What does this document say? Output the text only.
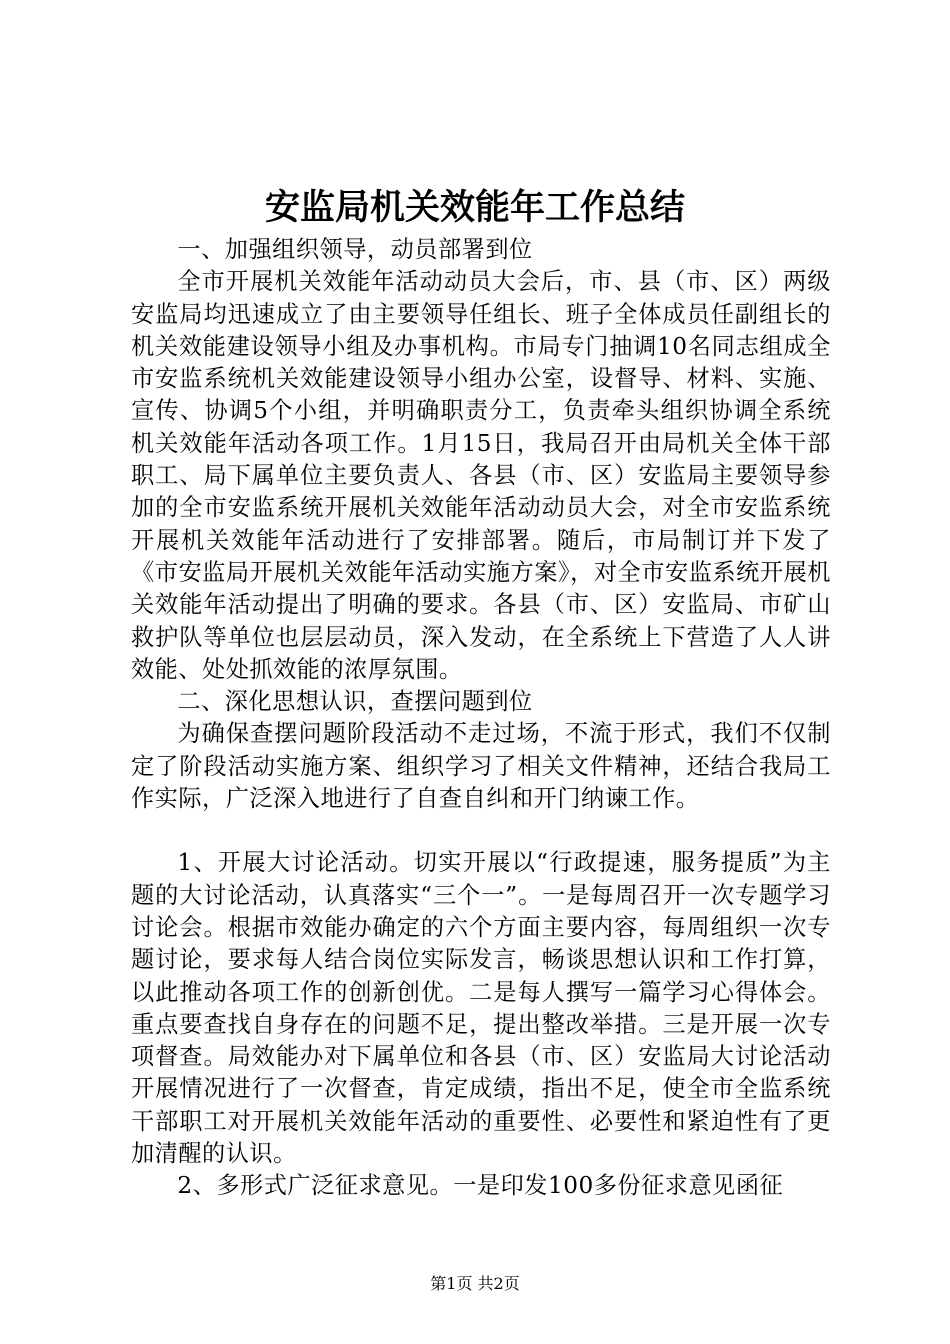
安监局机关效能年工作总结

一、加强组织领导，动员部署到位

全市开展机关效能年活动动员大会后，市、县（市、区）两级安监局均迅速成立了由主要领导任组长、班子全体成员任副组长的机关效能建设领导小组及办事机构。市局专门抽调10名同志组成全市安监系统机关效能建设领导小组办公室，设督导、材料、实施、宣传、协调5个小组，并明确职责分工，负责牵头组织协调全系统机关效能年活动各项工作。1月15日，我局召开由局机关全体干部职工、局下属单位主要负责人、各县（市、区）安监局主要领导参加的全市安监系统开展机关效能年活动动员大会，对全市安监系统开展机关效能年活动进行了安排部署。随后，市局制订并下发了《市安监局开展机关效能年活动实施方案》，对全市安监系统开展机关效能年活动提出了明确的要求。各县（市、区）安监局、市矿山救护队等单位也层层动员，深入发动，在全系统上下营造了人人讲效能、处处抓效能的浓厚氛围。

二、深化思想认识，查摆问题到位

为确保查摆问题阶段活动不走过场，不流于形式，我们不仅制定了阶段活动实施方案、组织学习了相关文件精神，还结合我局工作实际，广泛深入地进行了自查自纠和开门纳谏工作。

1、开展大讨论活动。切实开展以“行政提速，服务提质”为主题的大讨论活动，认真落实“三个一”。一是每周召开一次专题学习讨论会。根据市效能办确定的六个方面主要内容，每周组织一次专题讨论，要求每人结合岗位实际发言，畅谈思想认识和工作打算，以此推动各项工作的创新创优。二是每人撰写一篇学习心得体会。重点要查找自身存在的问题不足，提出整改举措。三是开展一次专项督查。局效能办对下属单位和各县（市、区）安监局大讨论活动开展情况进行了一次督查，肯定成绩，指出不足，使全市全监系统干部职工对开展机关效能年活动的重要性、必要性和紧迫性有了更加清醒的认识。

2、多形式广泛征求意见。一是印发100多份征求意见函征

第1页 共2页
